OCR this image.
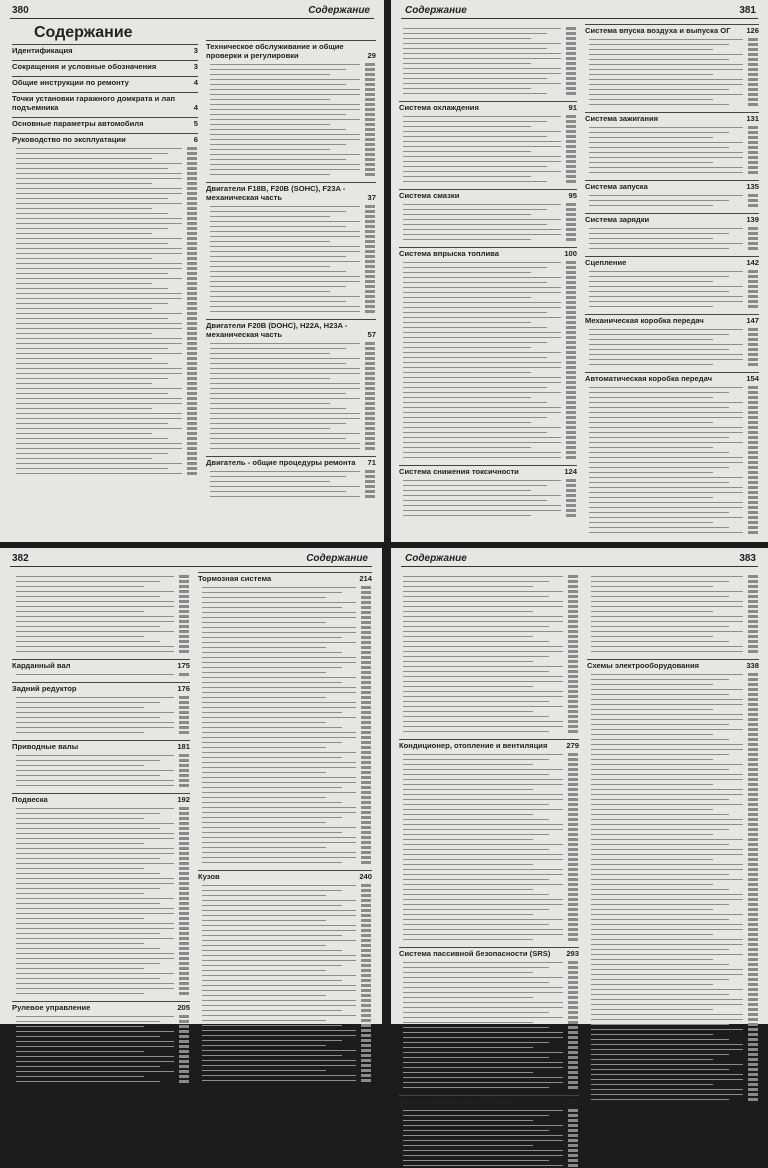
380	Содержание
Содержание
Идентификация	3
Сокращения и условные обозначения	3
Общие инструкции по ремонту	4
Точки установки гаражного домкрата и лап подъемника	4
Основные параметры автомобиля	5
Руководство по эксплуатации	6
Техническое обслуживание и общие проверки и регулировки	29
Двигатели F18B, F20B (SOHC), F23A - механическая часть	37
Двигатели F20B (DOHC), H22A, H23A - механическая часть	57
Двигатель - общие процедуры ремонта 71
Содержание	381
Система охлаждения	91
Система смазки	95
Система впрыска топлива	100
Система снижения токсичности	124
Система впуска воздуха и выпуска ОГ 126
Система зажигания	131
Система запуска	135
Система зарядки	139
Сцепление	142
Механическая коробка передач	147
Автоматическая коробка передач	154
382	Содержание
Карданный вал	175
Задний редуктор	176
Приводные валы	181
Подвеска	192
Рулевое управление	205
Тормозная система	214
Кузов	240
Содержание	383
Кондиционер, отопление и вентиляция 279
Система пассивной безопасности (SRS) 293
Электрооборудование кузова	299
Схемы электрооборудования	338
